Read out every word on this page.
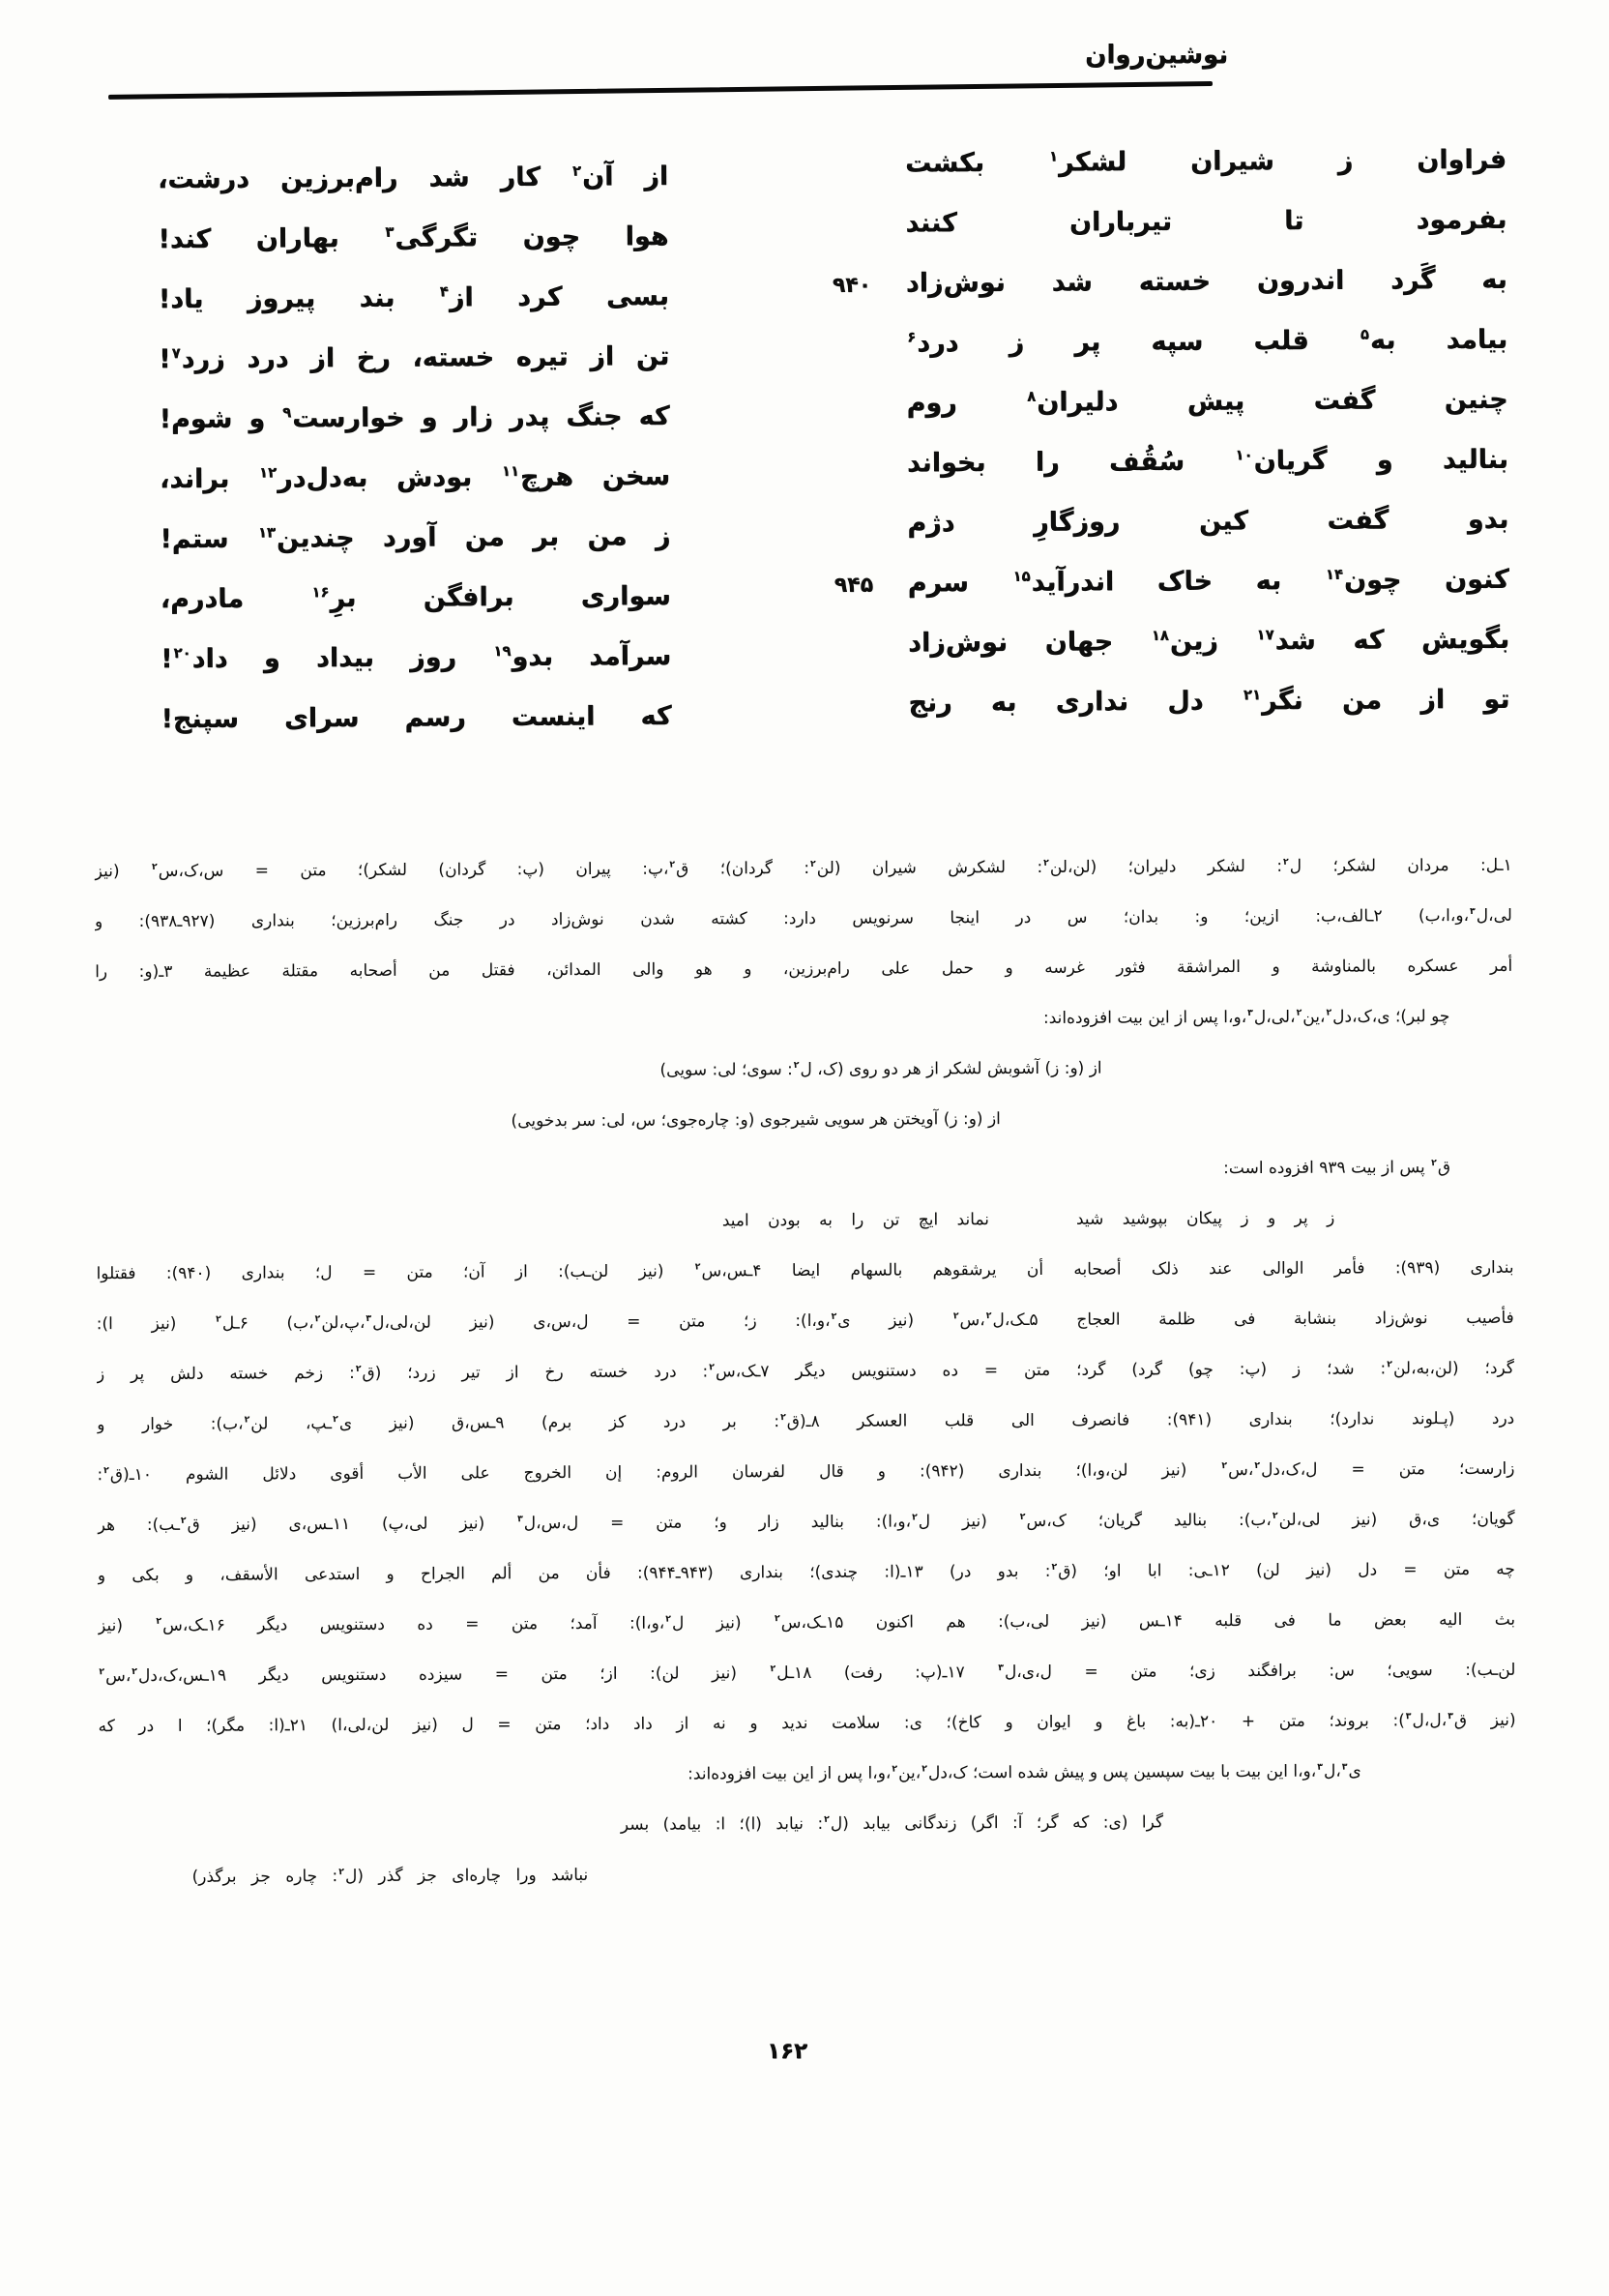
نوشین‌روان
فراوان ز شیران لشکر$^۱$ بکشت
بفرمود تا تیرباران کنند
به گَرد اندرون خسته شد نوش‌زاد
۹۴۰
بیامد به$^۵$ قلب سپه پر ز درد$^۶$
چنین گفت پیش دلیران$^۸$ روم
بنالید و گریان$^{۱۰}$ سُقُف را بخواند
بدو گفت کین روزگارِ دژم
کنون چون$^{۱۴}$ به خاک اندرآید$^{۱۵}$ سرم
۹۴۵
بگویش که شد$^{۱۷}$ زین$^{۱۸}$ جهان نوش‌زاد
تو از من نگر$^{۲۱}$ دل نداری به رنج
از آن$^۲$ کار شد رام‌برزین درشت،
هوا چون تگرگی$^۳$ بهاران کند!
بسی کرد از$^۴$ بند پیروز یاد!
تن از تیره خسته، رخ از درد زرد$^۷$!
که جنگ پدر زار و خوارست$^۹$ و شوم!
سخن هرچ$^{۱۱}$ بودش به‌دل‌در$^{۱۲}$ براند،
ز من بر من آورد چندین$^{۱۳}$ ستم!
سواری برافگن برِ$^{۱۶}$ مادرم،
سرآمد بدو$^{۱۹}$ روز بیداد و داد$^{۲۰}$!
که اینست رسم سرای سپنج!
۱ـل: مردان لشکر؛ ل$^۲$: لشکر دلیران؛ (لن،لن$^۲$: لشکرش شیران (لن$^۲$: گردان)؛ ق$^۲$،پ: پیران (پ: گردان) لشکر)؛ متن = س،ک،س$^۲$ (نیز
لی،ل$^۳$،و،ا،ب) ۲ـالف،ب: ازین؛ و: بدان؛ س در اینجا سرنویس دارد: کشته شدن نوش‌زاد در جنگ رام‌برزین؛ بنداری (۹۲۷ـ۹۳۸): و
أمر عسکره بالمناوشة و المراشقة فثور غرسه و حمل علی رام‌برزین، و هو والی المدائن، فقتل من أصحابه مقتلة عظیمة ۳ـ(و: را
چو لبر)؛ ی،ک،دل$^۲$،ین$^۲$،لی،ل$^۳$،و،ا پس از این بیت افزوده‌اند:
از (و: ز) آشوبش لشکر از هر دو روی (ک، ل$^۲$: سوی؛ لی: سویی)
از (و: ز) آویختن هر سویی شیرجوی (و: چاره‌جوی؛ س، لی: سر بدخویی)
ق$^۲$ پس از بیت ۹۳۹ افزوده است:
ز پر و ز پیکان بپوشید شید
نماند ایچ تن را به بودن امید
بنداری (۹۳۹): فأمر الوالی عند ذلک أصحابه أن یرشقوهم بالسهام ایضا ۴ـس،س$^۲$ (نیز لن‌ـب): از آن؛ متن = ل؛ بنداری (۹۴۰): فقتلوا
فأصیب نوش‌زاد بنشابة فی ظلمة العجاج ۵ـک،ل$^۲$،س$^۲$ (نیز ی$^۲$،و،ا): ز؛ متن = ل،س،ی (نیز لن،لی،ل$^۳$،پ،لن$^۲$،ب) ۶ـل$^۲$ (نیز ا):
گرد؛ (لن،به،لن$^۲$: شد؛ ز (پ: چو) گرد) گرد؛ متن = ده دستنویس دیگر ۷ـک،س$^۲$: درد خسته رخ از تیر زرد؛ (ق$^۲$: زخم خسته دلش پر ز
درد (پـلوند ندارد)؛ بنداری (۹۴۱): فانصرف الی قلب العسکر ۸ـ(ق$^۲$: بر درد کز برم) ۹ـس،ق (نیز ی$^۲$ـپ، لن$^۲$،ب): خوار و
زارست؛ متن = ل،ک،دل$^۲$،س$^۲$ (نیز لن،و،ا)؛ بنداری (۹۴۲): و قال لفرسان الروم: إن الخروج علی الأب أقوی دلائل الشوم ۱۰ـ(ق$^۲$:
گویان؛ ی،ق (نیز لی،لن$^۲$،ب): بنالید گریان؛ ک،س$^۲$ (نیز ل$^۲$،و،ا): بنالید زار و؛ متن = ل،س،ل$^۳$ (نیز لی،پ) ۱۱ـس،ی (نیز ق$^۲$ـب): هر
چه متن = دل (نیز لن) ۱۲ـی: ابا او؛ (ق$^۲$: بدو در) ۱۳ـ(ا: چندی)؛ بنداری (۹۴۳ـ۹۴۴): فأن من ألم الجراح و استدعی الأسقف، و بکی و
بث الیه بعض ما فی قلبه ۱۴ـس (نیز لی،ب): هم اکنون ۱۵ـک،س$^۲$ (نیز ل$^۲$،و،ا): آمد؛ متن = ده دستنویس دیگر ۱۶ـک،س$^۲$ (نیز
لن‌ـب): سویی؛ س: برافگند زی؛ متن = ل،ی،ل$^۳$ ۱۷ـ(پ: رفت) ۱۸ـل$^۲$ (نیز لن): از؛ متن = سیزده دستنویس دیگر ۱۹ـس،ک،دل$^۲$،س$^۲$
(نیز ق$^۳$،ل،ل$^۳$): بروند؛ متن + ۲۰ـ(به: باغ و ایوان و کاخ)؛ ی: سلامت ندید و نه از داد داد؛ متن = ل (نیز لن،لی،ا) ۲۱ـ(ا: مگر)؛ ا در که
ی$^۳$،ل$^۳$،و،ا این بیت با بیت سپسین پس و پیش شده است؛ ک،دل$^۲$،ین$^۲$،و،ا پس از این بیت افزوده‌اند:
گرا (ی: که گر؛ آ: اگر) زندگانی بیابد (ل$^۲$: نیابد (ا)؛ ا: بیامد) بسر
نباشد ورا چاره‌ای جز گذر (ل$^۲$: چاره جز برگذر)
۱۶۲
